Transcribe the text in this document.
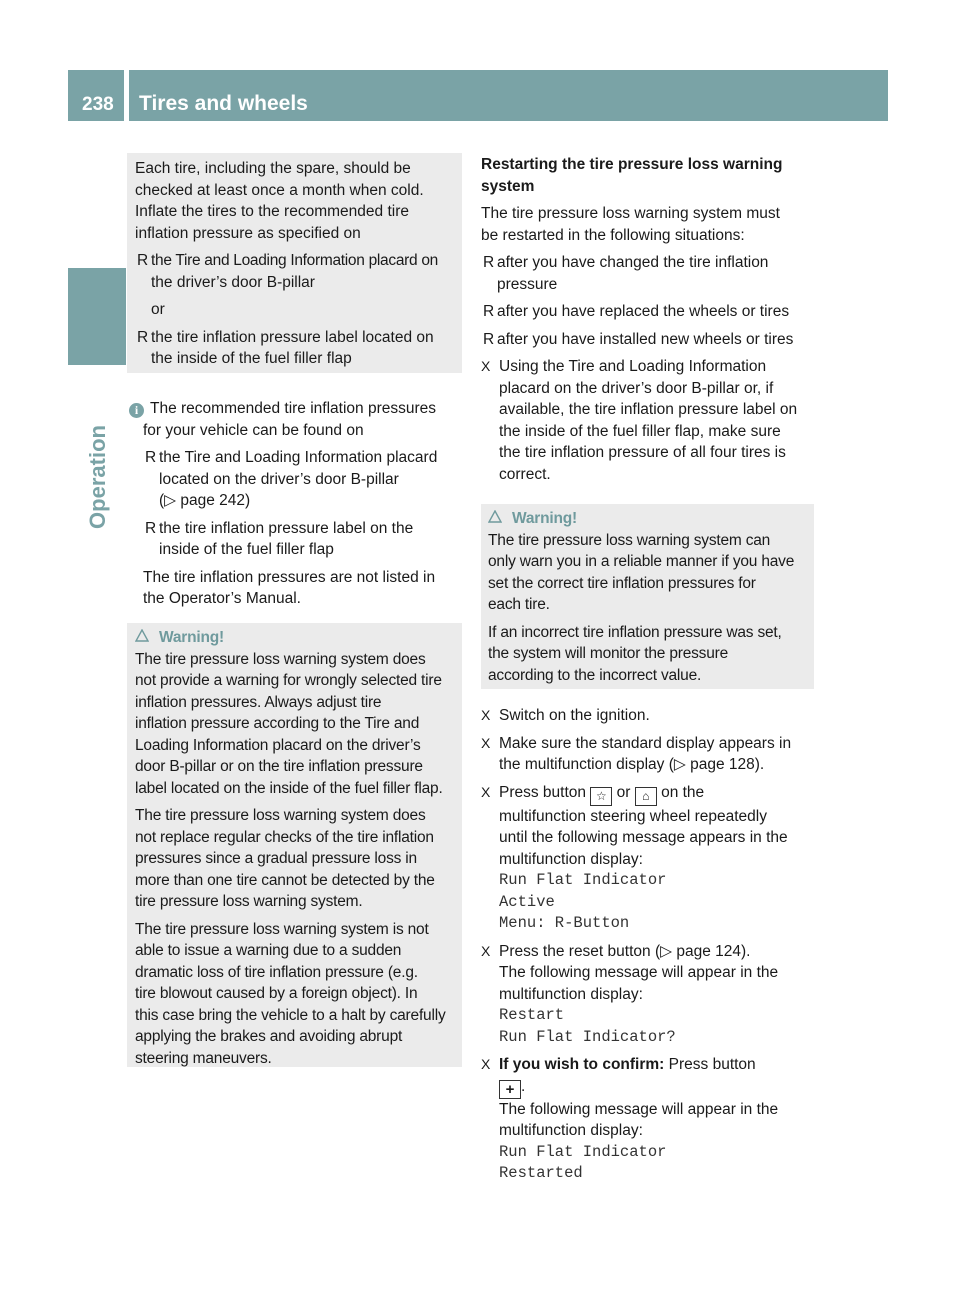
238 Tires and wheels
Operation

Each tire, including the spare, should be

checked at least once a month when cold.

Inflate the tires to the recommended tire

inflation pressure as specified on

R the Tire and Loading Information placard on

the driver’s door B-pillar

or

R the tire inflation pressure label located on

the inside of the fuel filler flap

i The recommended tire inflation pressures

for your vehicle can be found on

R the Tire and Loading Information placard

located on the driver’s door B-pillar

(▷ page 242)

R the tire inflation pressure label on the

inside of the fuel filler flap

The tire inflation pressures are not listed in

the Operator’s Manual.

Warning!

The tire pressure loss warning system does

not provide a warning for wrongly selected tire

inflation pressures. Always adjust tire

inflation pressure according to the Tire and

Loading Information placard on the driver’s

door B-pillar or on the tire inflation pressure

label located on the inside of the fuel filler flap.

The tire pressure loss warning system does

not replace regular checks of the tire inflation

pressures since a gradual pressure loss in

more than one tire cannot be detected by the

tire pressure loss warning system.

The tire pressure loss warning system is not

able to issue a warning due to a sudden

dramatic loss of tire inflation pressure (e.g.

tire blowout caused by a foreign object). In

this case bring the vehicle to a halt by carefully

applying the brakes and avoiding abrupt

steering maneuvers.

Restarting the tire pressure loss warning

system

The tire pressure loss warning system must

be restarted in the following situations:

R after you have changed the tire inflation

pressure

R after you have replaced the wheels or tires

R after you have installed new wheels or tires

X Using the Tire and Loading Information

placard on the driver’s door B-pillar or, if

available, the tire inflation pressure label on

the inside of the fuel filler flap, make sure

the tire inflation pressure of all four tires is

correct.

Warning!

The tire pressure loss warning system can

only warn you in a reliable manner if you have

set the correct tire inflation pressures for

each tire.

If an incorrect tire inflation pressure was set,

the system will monitor the pressure

according to the incorrect value.

X Switch on the ignition.

X Make sure the standard display appears in

the multifunction display (▷ page 128).

X Press button ☆ or ⌂ on the

multifunction steering wheel repeatedly

until the following message appears in the

multifunction display:

Run Flat Indicator

Active

Menu: R-Button

X Press the reset button (▷ page 124).

The following message will appear in the

multifunction display:

Restart

Run Flat Indicator?

X If you wish to confirm: Press button

+ .

The following message will appear in the

multifunction display:

Run Flat Indicator

Restarted
